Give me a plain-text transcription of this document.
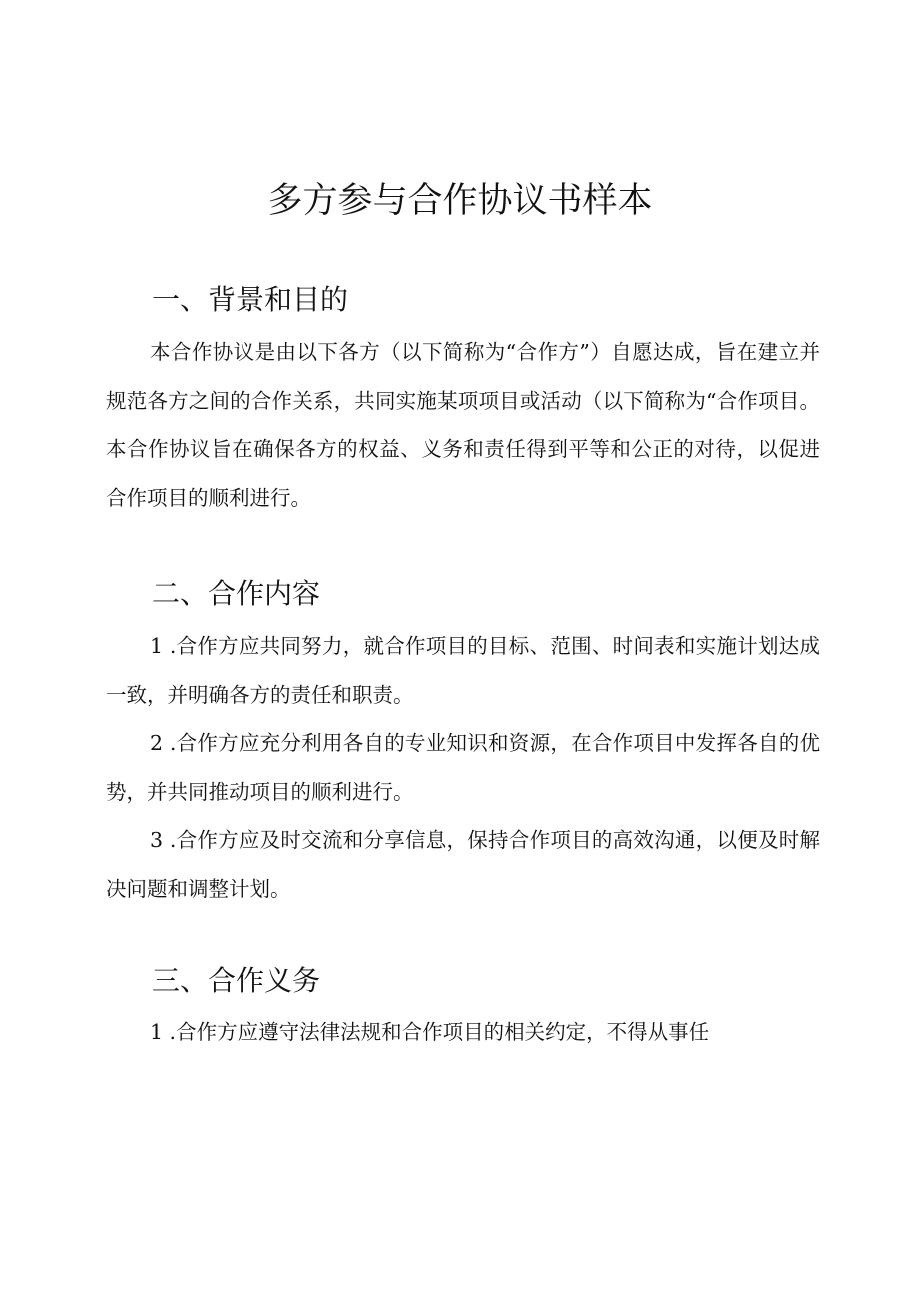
多方参与合作协议书样本
一、背景和目的

本合作协议是由以下各方（以下简称为“合作方”）自愿达成，旨在建立并规范各方之间的合作关系，共同实施某项项目或活动（以下简称为“合作项目。本合作协议旨在确保各方的权益、义务和责任得到平等和公正的对待，以促进合作项目的顺利进行。

二、合作内容

1 .合作方应共同努力，就合作项目的目标、范围、时间表和实施计划达成一致，并明确各方的责任和职责。

2 .合作方应充分利用各自的专业知识和资源，在合作项目中发挥各自的优势，并共同推动项目的顺利进行。

3 .合作方应及时交流和分享信息，保持合作项目的高效沟通，以便及时解决问题和调整计划。

三、合作义务

1 .合作方应遵守法律法规和合作项目的相关约定，不得从事任
